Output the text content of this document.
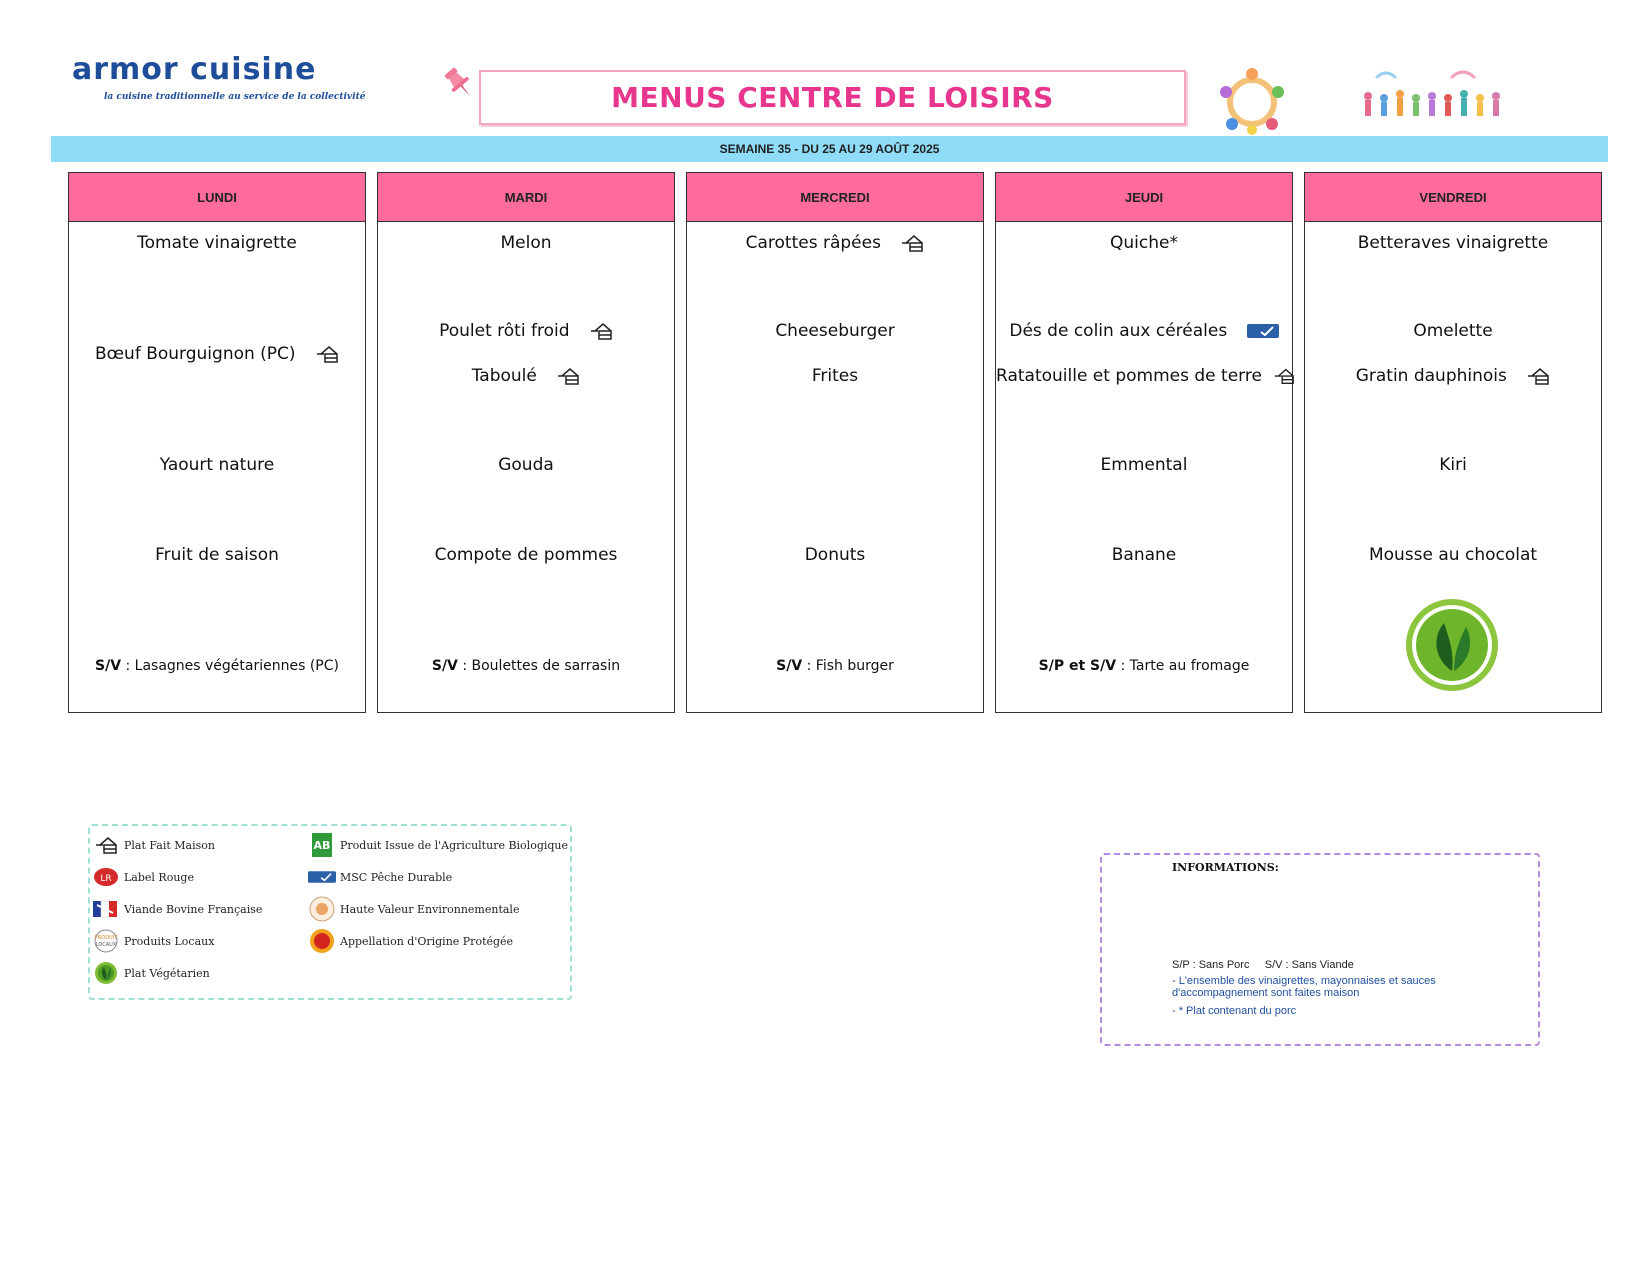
armor cuisine
la cuisine traditionnelle au service de la collectivité	MENUS CENTRE DE LOISIRS
SEMAINE 35 - DU 25 AU 29 AOÛT 2025
LUNDI
Tomate vinaigrette
Bœuf Bourguignon (PC)
Yaourt nature
Fruit de saison
S/V : Lasagnes végétariennes (PC)
MARDI
Melon
Poulet rôti froid
Taboulé
Gouda
Compote de pommes
S/V : Boulettes de sarrasin
MERCREDI
Carottes râpées
Cheeseburger
Frites
Donuts
S/V : Fish burger
JEUDI
Quiche*
Dés de colin aux céréales
Ratatouille et pommes de terre
Emmental
Banane
S/P et S/V : Tarte au fromage
VENDREDI
Betteraves vinaigrette
Omelette
Gratin dauphinois
Kiri
Mousse au chocolat
Plat Fait Maison
LR Label Rouge
Viande Bovine Française
PRODUIT
LOCAUX Produits Locaux
Plat Végétarien
AB Produit Issue de l'Agriculture Biologique
MSC Pêche Durable
Haute Valeur Environnementale
Appellation d'Origine Protégée
INFORMATIONS:
S/P : Sans Porc     S/V : Sans Viande
- L'ensemble des vinaigrettes, mayonnaises et sauces d'accompagnement sont faites maison
- * Plat contenant du porc
